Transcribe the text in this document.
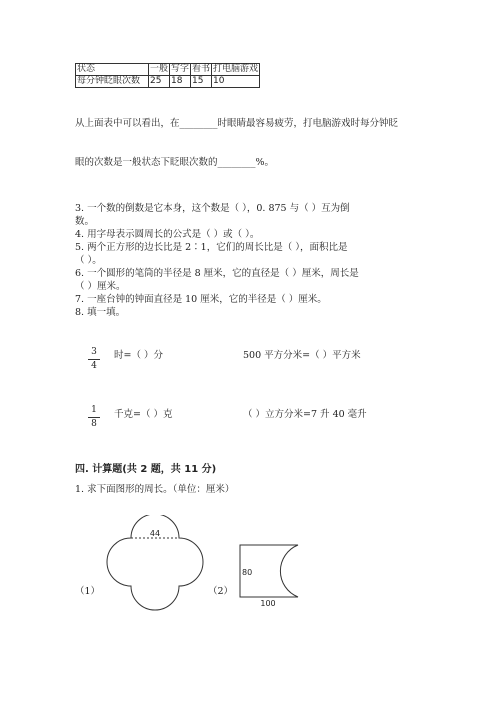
状态	一般	写字	看书	打电脑游戏
每分钟眨眼次数	25	18	15	10
从上面表中可以看出，在________时眼睛最容易疲劳，打电脑游戏时每分钟眨
眼的次数是一般状态下眨眼次数的________%。
3. 一个数的倒数是它本身，这个数是（ ），0. 875 与（ ）互为倒
数。
4. 用字母表示圆周长的公式是（ ）或（ ）。
5. 两个正方形的边长比是 2∶1，它们的周长比是（ ），面积比是
（ ）。
6. 一个圆形的笔筒的半径是 8 厘米，它的直径是（ ）厘米，周长是
（ ）厘米。
7. 一座台钟的钟面直径是 10 厘米，它的半径是（ ）厘米。
8. 填一填。
3
4
时=（ ）分	500 平方分米=（ ）平方米
1
8
千克=（ ）克	（ ）立方分米=7 升 40 毫升
四. 计算题(共 2 题，共 11 分)
1. 求下面图形的周长。（单位：厘米）
（1）
44
（2）
80
100
